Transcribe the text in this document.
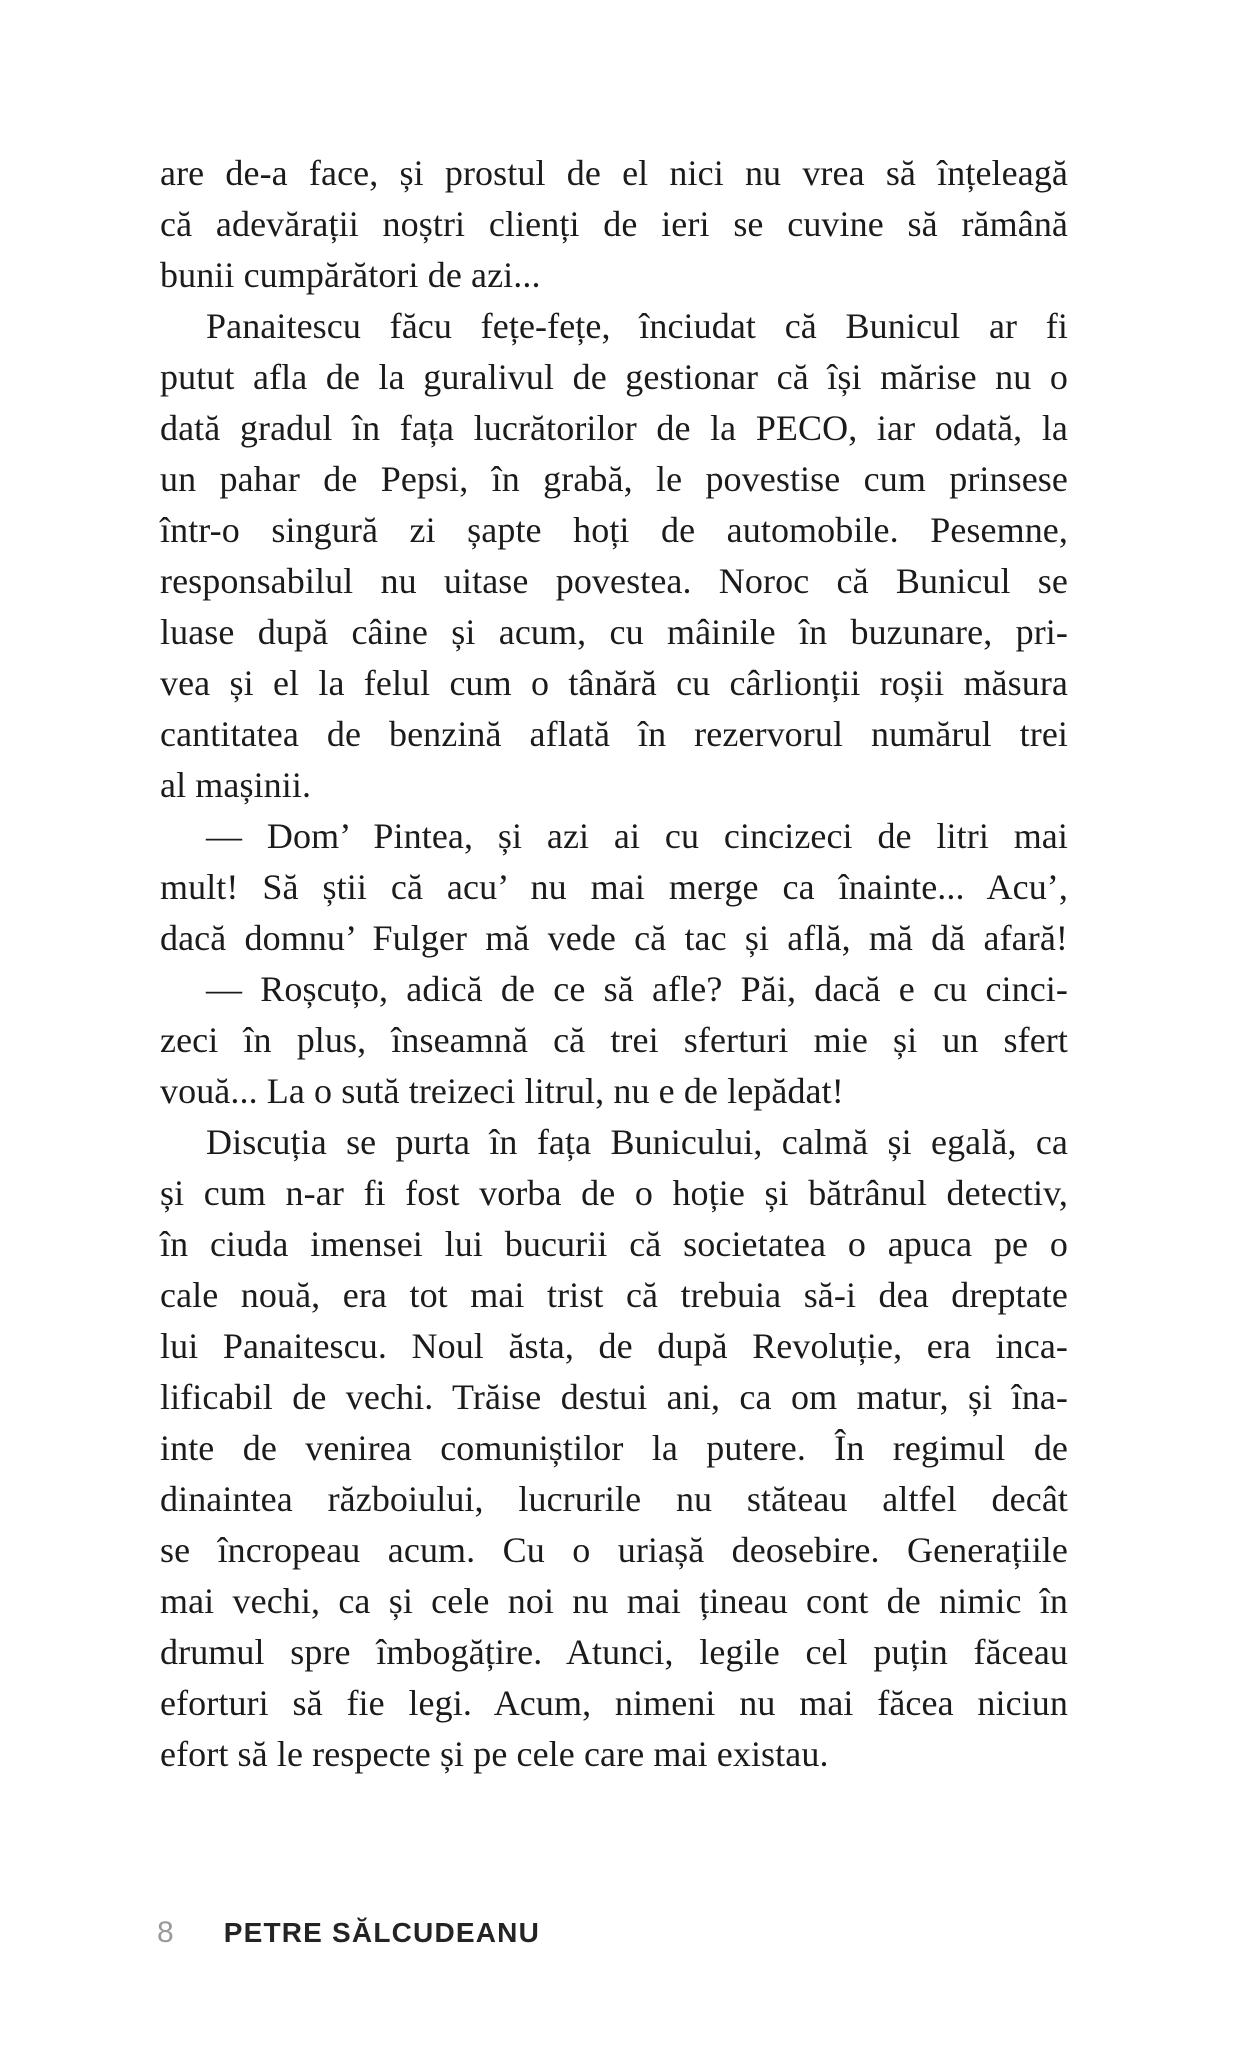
are de-a face, și prostul de el nici nu vrea să înțeleagă
că adevărații noștri clienți de ieri se cuvine să rămână
bunii cumpărători de azi...
Panaitescu făcu fețe-fețe, înciudat că Bunicul ar fi
putut afla de la guralivul de gestionar că își mărise nu o
dată gradul în fața lucrătorilor de la PECO, iar odată, la
un pahar de Pepsi, în grabă, le povestise cum prinsese
într-o singură zi șapte hoți de automobile. Pesemne,
responsabilul nu uitase povestea. Noroc că Bunicul se
luase după câine și acum, cu mâinile în buzunare, pri-
vea și el la felul cum o tânără cu cârlionții roșii măsura
cantitatea de benzină aflată în rezervorul numărul trei
al mașinii.
— Dom’ Pintea, și azi ai cu cincizeci de litri mai
mult! Să știi că acu’ nu mai merge ca înainte... Acu’,
dacă domnu’ Fulger mă vede că tac și află, mă dă afară!
— Roșcuțo, adică de ce să afle? Păi, dacă e cu cinci-
zeci în plus, înseamnă că trei sferturi mie și un sfert
vouă... La o sută treizeci litrul, nu e de lepădat!
Discuția se purta în fața Bunicului, calmă și egală, ca
și cum n-ar fi fost vorba de o hoție și bătrânul detectiv,
în ciuda imensei lui bucurii că societatea o apuca pe o
cale nouă, era tot mai trist că trebuia să-i dea dreptate
lui Panaitescu. Noul ăsta, de după Revoluție, era inca-
lificabil de vechi. Trăise destui ani, ca om matur, și îna-
inte de venirea comuniștilor la putere. În regimul de
dinaintea războiului, lucrurile nu stăteau altfel decât
se încropeau acum. Cu o uriașă deosebire. Generațiile
mai vechi, ca și cele noi nu mai țineau cont de nimic în
drumul spre îmbogățire. Atunci, legile cel puțin făceau
eforturi să fie legi. Acum, nimeni nu mai făcea niciun
efort să le respecte și pe cele care mai existau.
8 PETRE SĂLCUDEANU
